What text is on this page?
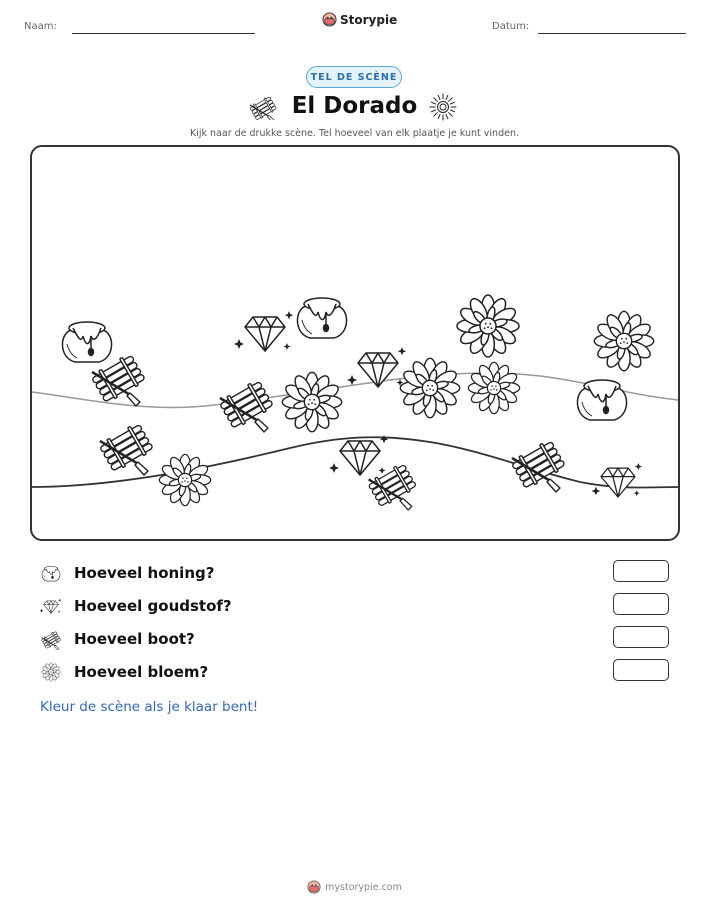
Naam:	Storypie	Datum:
TEL DE SCÈNE
El Dorado
Kijk naar de drukke scène. Tel hoeveel van elk plaatje je kunt vinden.
Hoeveel honing?
Hoeveel goudstof?
Hoeveel boot?
Hoeveel bloem?
Kleur de scène als je klaar bent!
mystorypie.com
